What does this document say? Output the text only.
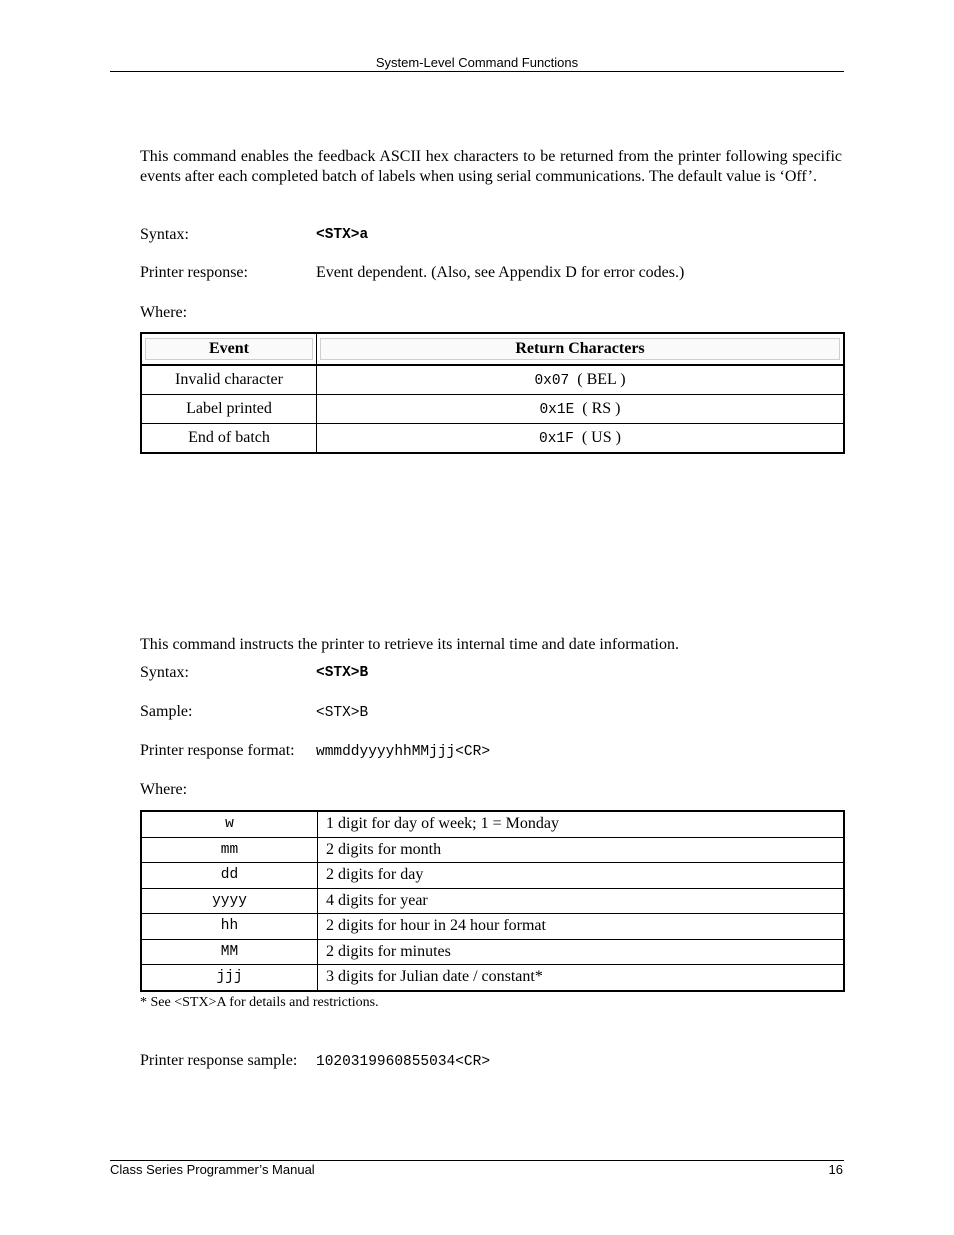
System-Level Command Functions
This command enables the feedback ASCII hex characters to be returned from the printer following specific events after each completed batch of labels when using serial communications. The default value is ‘Off’.
Syntax:	<STX>a
Printer response:	Event dependent. (Also, see Appendix D for error codes.)
Where:
Event	Return Characters

Invalid character	0x07 ( BEL )
Label printed	0x1E ( RS )
End of batch	0x1F ( US )
This command instructs the printer to retrieve its internal time and date information.
Syntax:	<STX>B
Sample:	<STX>B
Printer response format: wmmddyyyyhhMMjjj<CR>
Where:
w	1 digit for day of week; 1 = Monday
mm	2 digits for month
dd	2 digits for day
yyyy	4 digits for year
hh	2 digits for hour in 24 hour format
MM	2 digits for minutes
jjj	3 digits for Julian date / constant*
* See <STX>A for details and restrictions.
Printer response sample: 1020319960855034<CR>
Class Series Programmer’s Manual	16
